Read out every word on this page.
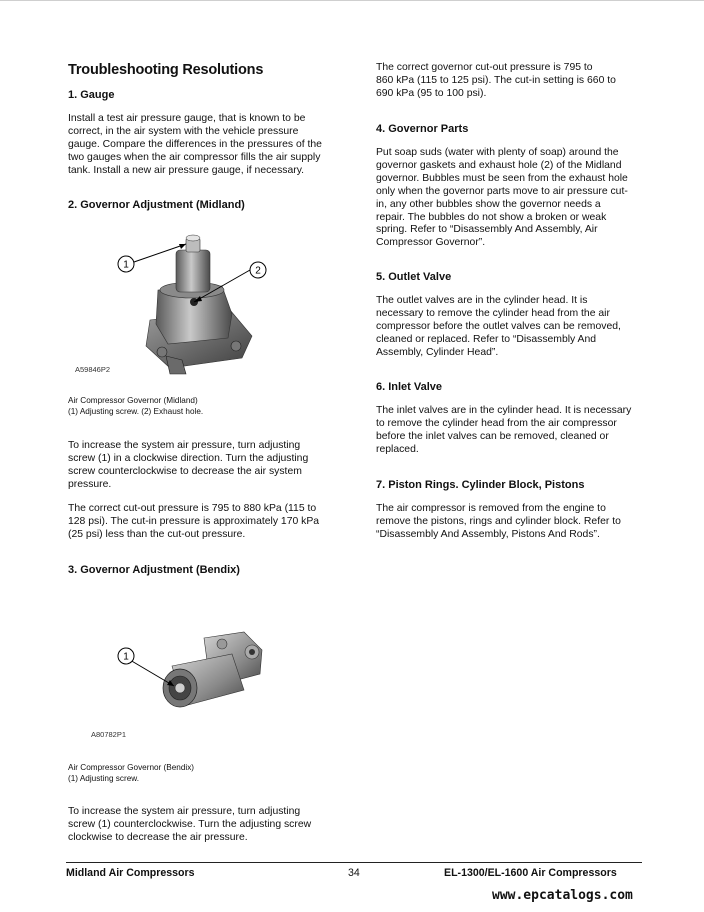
Troubleshooting Resolutions
1. Gauge
Install a test air pressure gauge, that is known to be
correct, in the air system with the vehicle pressure
gauge. Compare the differences in the pressures of the
two gauges when the air compressor fills the air supply
tank. Install a new air pressure gauge, if necessary.
2. Governor Adjustment (Midland)
1
2
A59846P2
Air Compressor Governor (Midland)
(1) Adjusting screw. (2) Exhaust hole.
To increase the system air pressure, turn adjusting
screw (1) in a clockwise direction. Turn the adjusting
screw counterclockwise to decrease the air system
pressure.
The correct cut-out pressure is 795 to 880 kPa (115 to
128 psi). The cut-in pressure is approximately 170 kPa
(25 psi) less than the cut-out pressure.
3. Governor Adjustment (Bendix)
1
A80782P1
Air Compressor Governor (Bendix)
(1) Adjusting screw.
To increase the system air pressure, turn adjusting
screw (1) counterclockwise. Turn the adjusting screw
clockwise to decrease the air pressure.
The correct governor cut-out pressure is 795 to
860 kPa (115 to 125 psi). The cut-in setting is 660 to
690 kPa (95 to 100 psi).
4. Governor Parts
Put soap suds (water with plenty of soap) around the
governor gaskets and exhaust hole (2) of the Midland
governor. Bubbles must be seen from the exhaust hole
only when the governor parts move to air pressure cut-
in, any other bubbles show the governor needs a
repair. The bubbles do not show a broken or weak
spring. Refer to “Disassembly And Assembly, Air
Compressor Governor”.
5. Outlet Valve
The outlet valves are in the cylinder head. It is
necessary to remove the cylinder head from the air
compressor before the outlet valves can be removed,
cleaned or replaced. Refer to “Disassembly And
Assembly, Cylinder Head”.
6. Inlet Valve
The inlet valves are in the cylinder head. It is necessary
to remove the cylinder head from the air compressor
before the inlet valves can be removed, cleaned or
replaced.
7. Piston Rings. Cylinder Block, Pistons
The air compressor is removed from the engine to
remove the pistons, rings and cylinder block. Refer to
“Disassembly And Assembly, Pistons And Rods”.
Midland Air Compressors	34	EL-1300/EL-1600 Air Compressors
www.epcatalogs.com
